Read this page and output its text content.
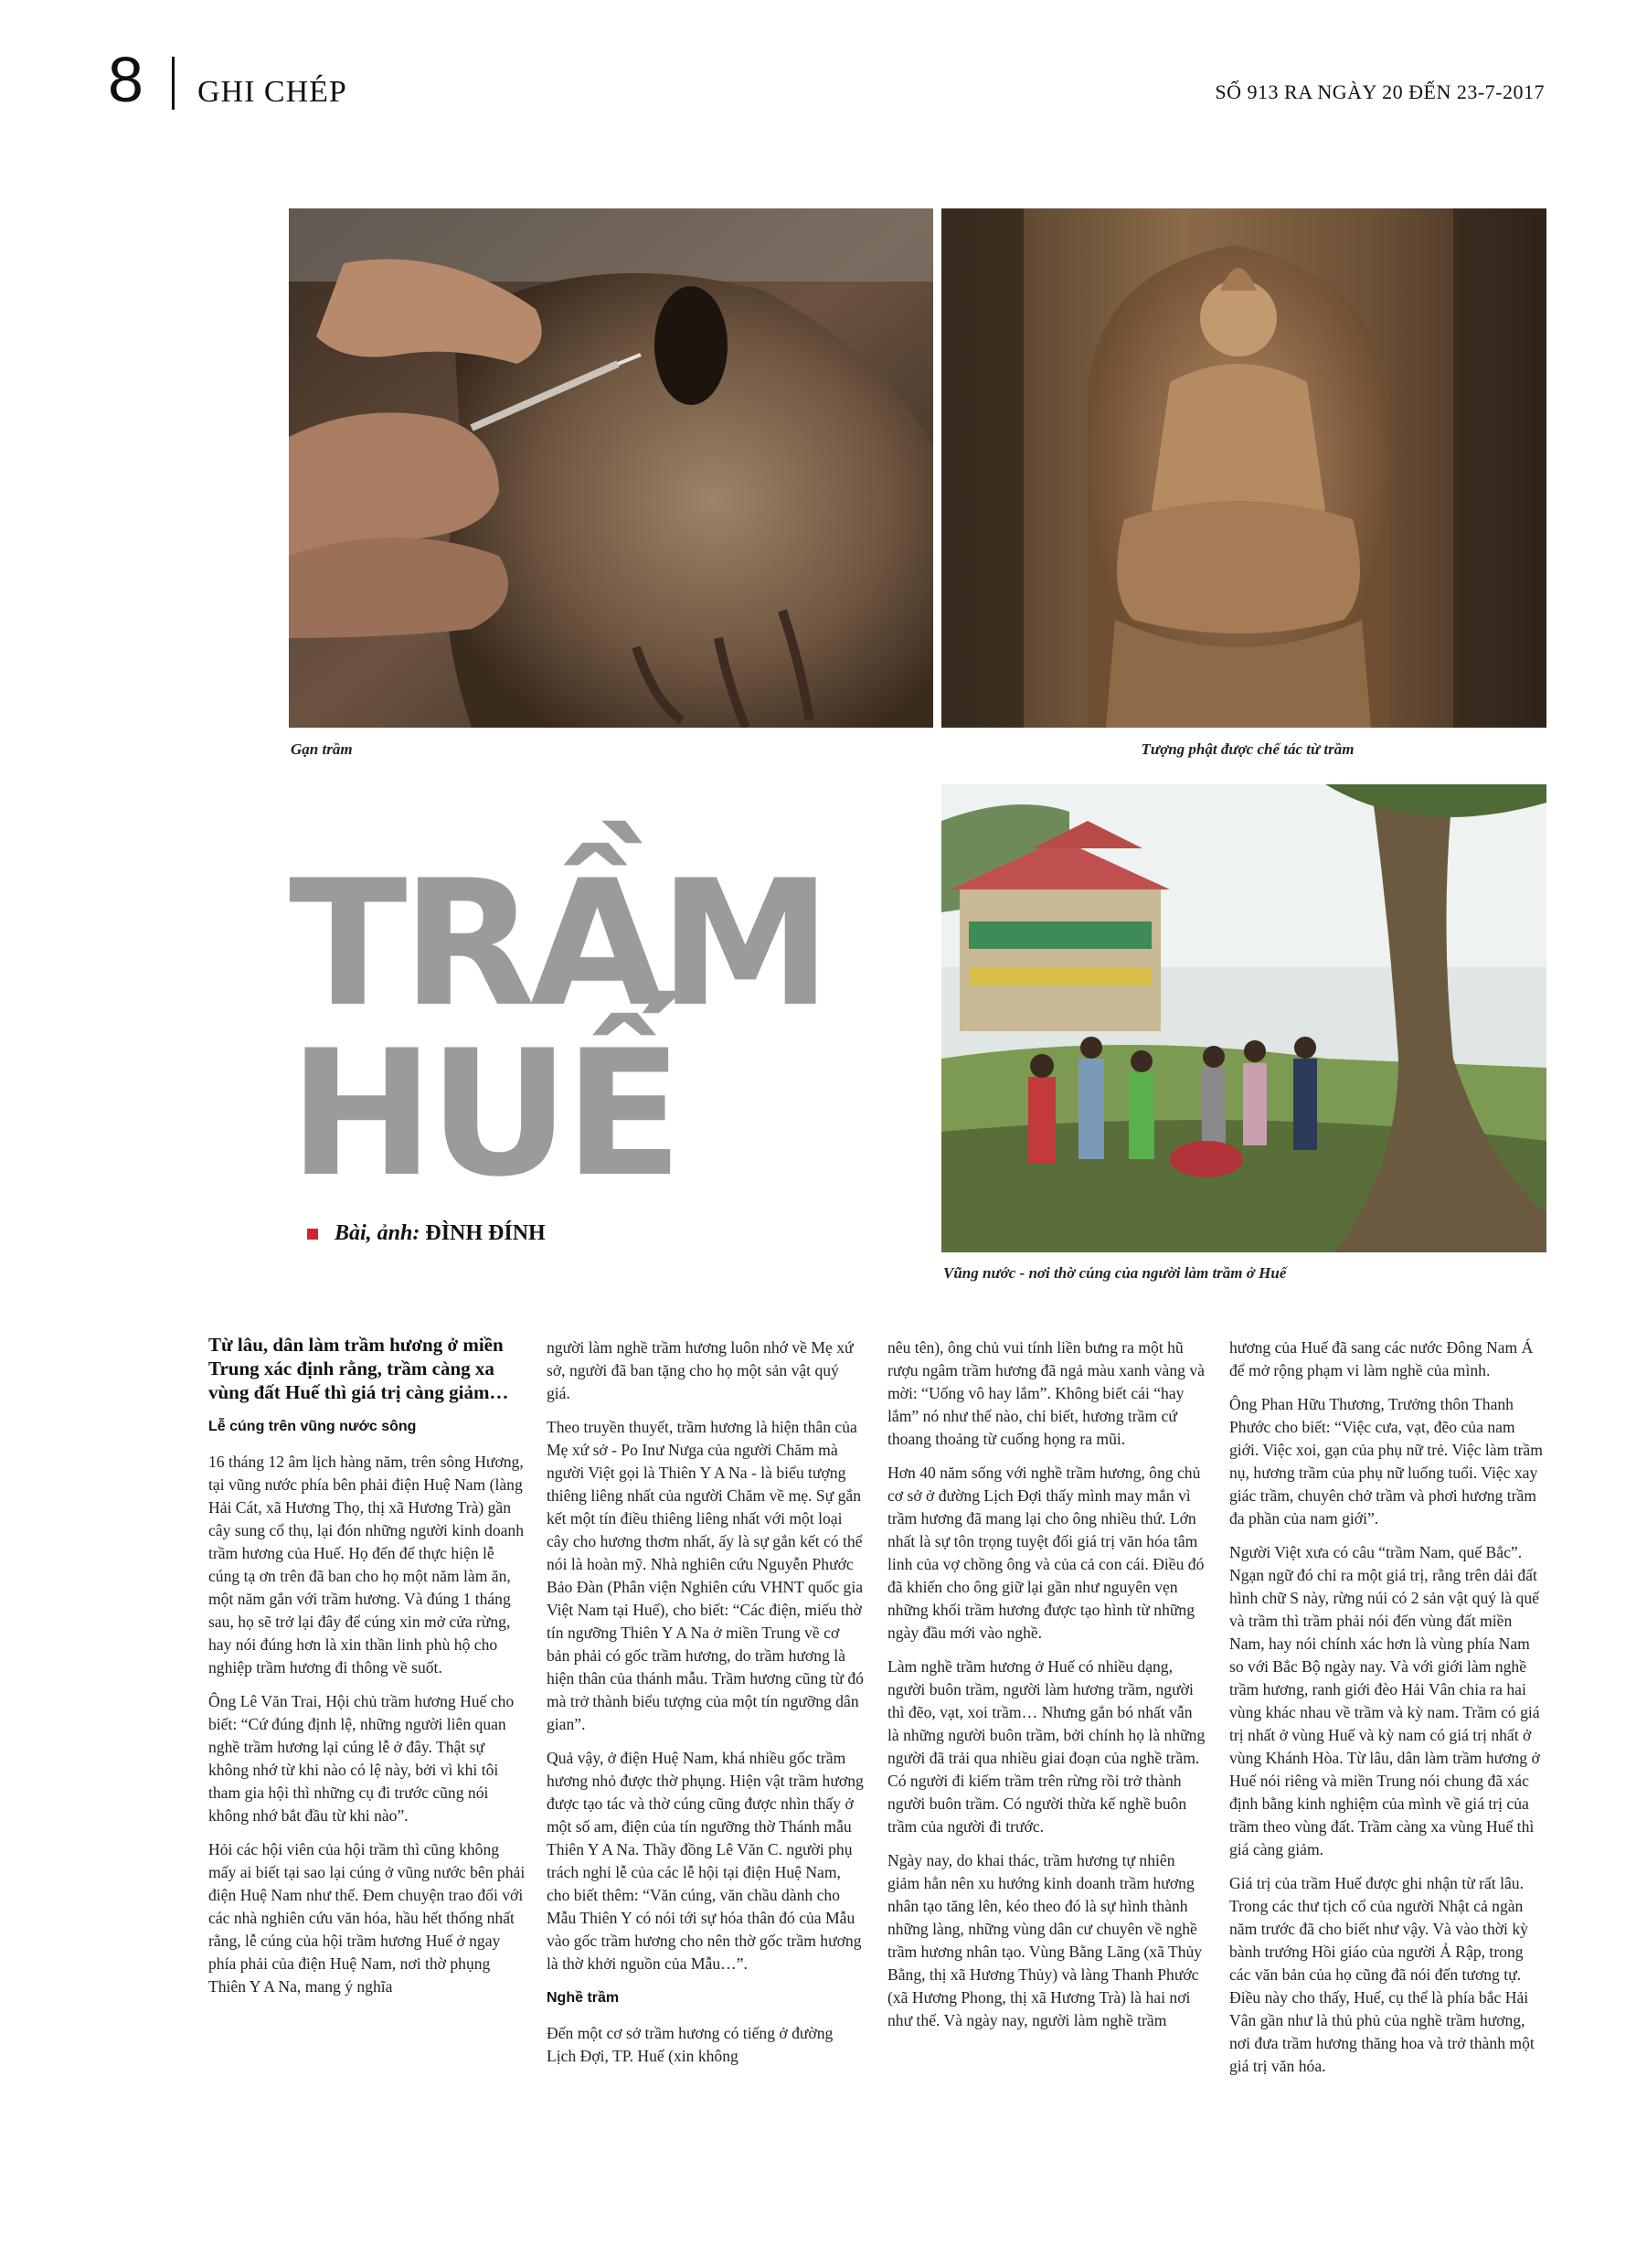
8 GHI CHÉP	SỐ 913 RA NGÀY 20 ĐẾN 23-7-2017
Gạn trầm	Tượng phật được chế tác từ trầm
Vũng nước - nơi thờ cúng của người làm trầm ở Huế
TRẦM
HUẾ
Bài, ảnh: ĐÌNH ĐÍNH

Từ lâu, dân làm trầm hương ở miền Trung xác định rằng, trầm càng xa vùng đất Huế thì giá trị càng giảm…

Lễ cúng trên vũng nước sông

16 tháng 12 âm lịch hàng năm, trên sông Hương, tại vũng nước phía bên phải điện Huệ Nam (làng Hải Cát, xã Hương Thọ, thị xã Hương Trà) gần cây sung cổ thụ, lại đón những người kinh doanh trầm hương của Huế. Họ đến để thực hiện lễ cúng tạ ơn trên đã ban cho họ một năm làm ăn, một năm gắn với trầm hương. Và đúng 1 tháng sau, họ sẽ trở lại đây để cúng xin mở cửa rừng, hay nói đúng hơn là xin thần linh phù hộ cho nghiệp trầm hương đi thông về suốt.

Ông Lê Văn Trai, Hội chủ trầm hương Huế cho biết: “Cứ đúng định lệ, những người liên quan nghề trầm hương lại cúng lễ ở đây. Thật sự không nhớ từ khi nào có lệ này, bởi vì khi tôi tham gia hội thì những cụ đi trước cũng nói không nhớ bắt đầu từ khi nào”.

Hỏi các hội viên của hội trầm thì cũng không mấy ai biết tại sao lại cúng ở vũng nước bên phải điện Huệ Nam như thế. Đem chuyện trao đổi với các nhà nghiên cứu văn hóa, hầu hết thống nhất rằng, lễ cúng của hội trầm hương Huế ở ngay phía phải của điện Huệ Nam, nơi thờ phụng Thiên Y A Na, mang ý nghĩa

người làm nghề trầm hương luôn nhớ về Mẹ xứ sở, người đã ban tặng cho họ một sản vật quý giá.

Theo truyền thuyết, trầm hương là hiện thân của Mẹ xứ sở - Po Inư Nưga của người Chăm mà người Việt gọi là Thiên Y A Na - là biểu tượng thiêng liêng nhất của người Chăm về mẹ. Sự gắn kết một tín điều thiêng liêng nhất với một loại cây cho hương thơm nhất, ấy là sự gắn kết có thể nói là hoàn mỹ. Nhà nghiên cứu Nguyễn Phước Bảo Đàn (Phân viện Nghiên cứu VHNT quốc gia Việt Nam tại Huế), cho biết: “Các điện, miếu thờ tín ngưỡng Thiên Y A Na ở miền Trung về cơ bản phải có gốc trầm hương, do trầm hương là hiện thân của thánh mẫu. Trầm hương cũng từ đó mà trở thành biểu tượng của một tín ngưỡng dân gian”.

Quả vậy, ở điện Huệ Nam, khá nhiều gốc trầm hương nhỏ được thờ phụng. Hiện vật trầm hương được tạo tác và thờ cúng cũng được nhìn thấy ở một số am, điện của tín ngưỡng thờ Thánh mẫu Thiên Y A Na. Thầy đồng Lê Văn C. người phụ trách nghi lễ của các lễ hội tại điện Huệ Nam, cho biết thêm: “Văn cúng, văn chầu dành cho Mẫu Thiên Y có nói tới sự hóa thân đó của Mẫu vào gốc trầm hương cho nên thờ gốc trầm hương là thờ khởi nguồn của Mẫu…”.

Nghề trầm

Đến một cơ sở trầm hương có tiếng ở đường Lịch Đợi, TP. Huế (xin không

nêu tên), ông chủ vui tính liền bưng ra một hũ rượu ngâm trầm hương đã ngả màu xanh vàng và mời: “Uống vô hay lắm”. Không biết cái “hay lắm” nó như thế nào, chỉ biết, hương trầm cứ thoang thoảng từ cuống họng ra mũi.

Hơn 40 năm sống với nghề trầm hương, ông chủ cơ sở ở đường Lịch Đợi thấy mình may mắn vì trầm hương đã mang lại cho ông nhiều thứ. Lớn nhất là sự tôn trọng tuyệt đối giá trị văn hóa tâm linh của vợ chồng ông và của cả con cái. Điều đó đã khiến cho ông giữ lại gần như nguyên vẹn những khối trầm hương được tạo hình từ những ngày đầu mới vào nghề.

Làm nghề trầm hương ở Huế có nhiều dạng, người buôn trầm, người làm hương trầm, người thì đẽo, vạt, xoi trầm… Nhưng gắn bó nhất vẫn là những người buôn trầm, bởi chính họ là những người đã trải qua nhiều giai đoạn của nghề trầm. Có người đi kiếm trầm trên rừng rồi trở thành người buôn trầm. Có người thừa kế nghề buôn trầm của người đi trước.

Ngày nay, do khai thác, trầm hương tự nhiên giảm hẳn nên xu hướng kinh doanh trầm hương nhân tạo tăng lên, kéo theo đó là sự hình thành những làng, những vùng dân cư chuyên về nghề trầm hương nhân tạo. Vùng Bằng Lãng (xã Thủy Bằng, thị xã Hương Thủy) và làng Thanh Phước (xã Hương Phong, thị xã Hương Trà) là hai nơi như thế. Và ngày nay, người làm nghề trầm

hương của Huế đã sang các nước Đông Nam Á để mở rộng phạm vi làm nghề của mình.

Ông Phan Hữu Thương, Trưởng thôn Thanh Phước cho biết: “Việc cưa, vạt, đẽo của nam giới. Việc xoi, gạn của phụ nữ trẻ. Việc làm trầm nụ, hương trầm của phụ nữ luống tuổi. Việc xay giác trầm, chuyên chở trầm và phơi hương trầm đa phần của nam giới”.

Người Việt xưa có câu “trầm Nam, quế Bắc”. Ngạn ngữ đó chỉ ra một giá trị, rằng trên dải đất hình chữ S này, rừng núi có 2 sản vật quý là quế và trầm thì trầm phải nói đến vùng đất miền Nam, hay nói chính xác hơn là vùng phía Nam so với Bắc Bộ ngày nay. Và với giới làm nghề trầm hương, ranh giới đèo Hải Vân chia ra hai vùng khác nhau về trầm và kỳ nam. Trầm có giá trị nhất ở vùng Huế và kỳ nam có giá trị nhất ở vùng Khánh Hòa. Từ lâu, dân làm trầm hương ở Huế nói riêng và miền Trung nói chung đã xác định bằng kinh nghiệm của mình về giá trị của trầm theo vùng đất. Trầm càng xa vùng Huế thì giá càng giảm.

Giá trị của trầm Huế được ghi nhận từ rất lâu. Trong các thư tịch cổ của người Nhật cả ngàn năm trước đã cho biết như vậy. Và vào thời kỳ bành trướng Hồi giáo của người Ả Rập, trong các văn bản của họ cũng đã nói đến tương tự. Điều này cho thấy, Huế, cụ thể là phía bắc Hải Vân gần như là thủ phủ của nghề trầm hương, nơi đưa trầm hương thăng hoa và trở thành một giá trị văn hóa.
